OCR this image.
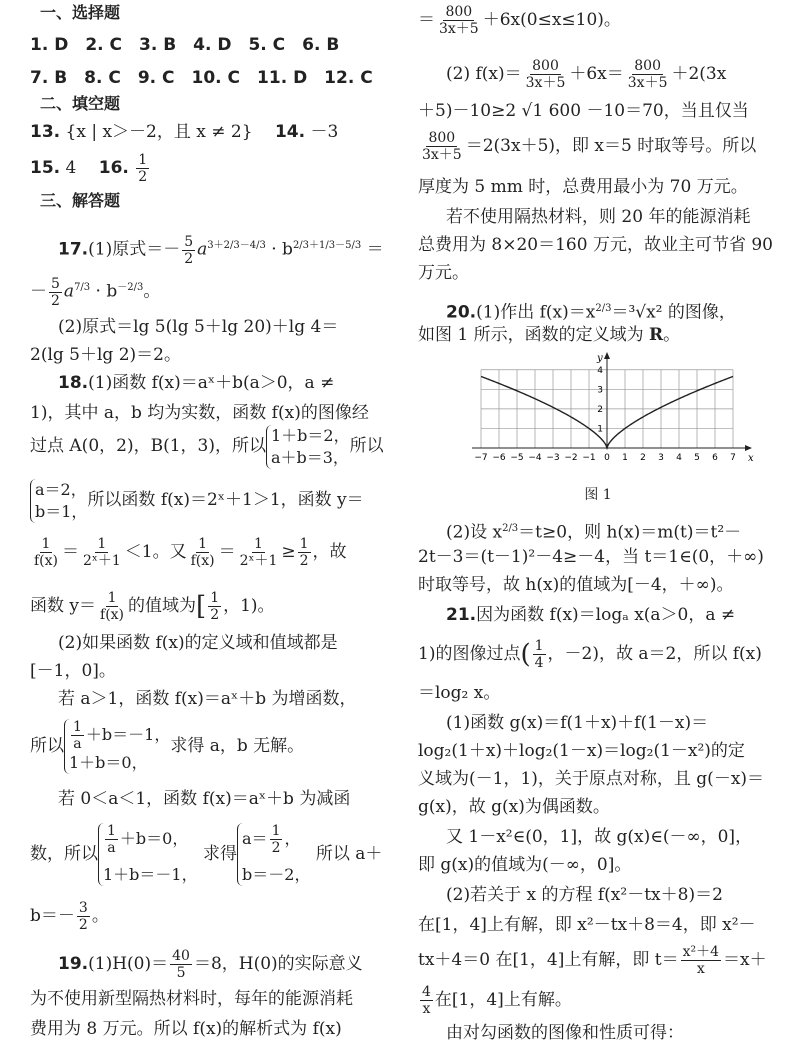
一、选择题
1. D　2. C　3. B　4. D　5. C　6. B
7. B　8. C　9. C　10. C　11. D　12. C
二、填空题
13. {x | x＞－2，且 x ≠ 2}　 14. －3
15. 4　 16. $\frac{1}{2}$
三、解答题
17.(1)原式＝－ $\frac{5}{2} a^{3+2/3-4/3} \cdot b^{2/3+1/3-5/3}$ ＝
－ $\frac{5}{2} a^{7/3} \cdot b^{-2/3}$。
(2)原式＝lg 5(lg 5＋lg 20)＋lg 4＝
2(lg 5＋lg 2)＝2。
18.(1)函数 f(x)＝aˣ＋b(a＞0，a ≠
1)，其中 a，b 均为实数，函数 f(x)的图像经
过点 A(0，2)，B(1，3)，所以
1＋b＝2，
a＋b＝3，
所以
a＝2，
b＝1，
所以函数 f(x)＝2ˣ＋1＞1，函数 y＝
$\frac{1}{f(x)} = \frac{1}{\text{2ˣ＋1}} <1$。又 $\frac{1}{f(x)} = \frac{1}{\text{2ˣ＋1}} \ge \frac{1}{2}$ ，故
函数 $y= \frac{1}{f(x)}$ 的值域为[ $\frac{1}{2}$ ，1)。
(2)如果函数 f(x)的定义域和值域都是
[－1，0]。
若 a＞1，函数 f(x)＝aˣ＋b 为增函数，
所以 $\frac{1}{a} +b=-1$，
1＋b＝0，
求得 a，b 无解。
若 0＜a＜1，函数 f(x)＝aˣ＋b 为减函
数，所以 $\frac{1}{a} +b=0$，
1＋b＝－1，
求得
$a= \frac{1}{2}$ ，
b＝－2，
所以 a＋
$b=- \frac{3}{2}$ 。
$19.(1)H(0)= \frac{40}{5} =8$，H(0)的实际意义
为不使用新型隔热材料时，每年的能源消耗
费用为 8 万元。所以 f(x)的解析式为 f(x)
＝ $\frac{800}{3x+5} +6x(0\le x\le 10)$。
(2) $f(x)= \frac{800}{3x+5} +6x= \frac{800}{3x+5} +2(3x$
＋5)－10≥2 √1 600 －10＝70，当且仅当
$\frac{800}{3x+5} =2(3x+5)$，即 x＝5 时取等号。所以
厚度为 5 mm 时，总费用最小为 70 万元。
若不使用隔热材料，则 20 年的能源消耗
总费用为 8×20＝160 万元，故业主可节省 90
万元。
20.(1)作出 $f(x)=x^{2/3}=^3√x^2$ 的图像，
如图 1 所示，函数的定义域为 R。
x
y
−7 −6 −5 −4 −3 −2 −1 0 1 2 3 4 5 6 7
1
2
3
4
图 1
(2)设 $x^{2/3}=t\ge 0$，则 h(x)＝m(t)＝t²－
2t－3＝(t－1)²－4≥－4，当 t＝1∈(0，＋∞)
时取等号，故 h(x)的值域为[－4，＋∞)。
21.因为函数 f(x)＝logₐ x(a＞0，a ≠
1)的图像过点( $\frac{1}{4}$ ，－2)，故 a＝2，所以 f(x)
＝log₂ x。
(1)函数 g(x)＝f(1＋x)＋f(1－x)＝
log₂(1＋x)＋log₂(1－x)＝log₂(1－x²)的定
义域为(－1，1)，关于原点对称，且 g(－x)＝
g(x)，故 g(x)为偶函数。
又 1－x²∈(0，1]，故 g(x)∈(－∞，0]，
即 g(x)的值域为(－∞，0]。
(2)若关于 x 的方程 f(x²－tx＋8)＝2
在[1，4]上有解，即 x²－tx＋8＝4，即 x²－
tx＋4＝0 在[1，4]上有解，即 $t= \frac{\text{x²＋4}}{x} =x+$
$\frac{4}{x}$ 在[1，4]上有解。
由对勾函数的图像和性质可得：
